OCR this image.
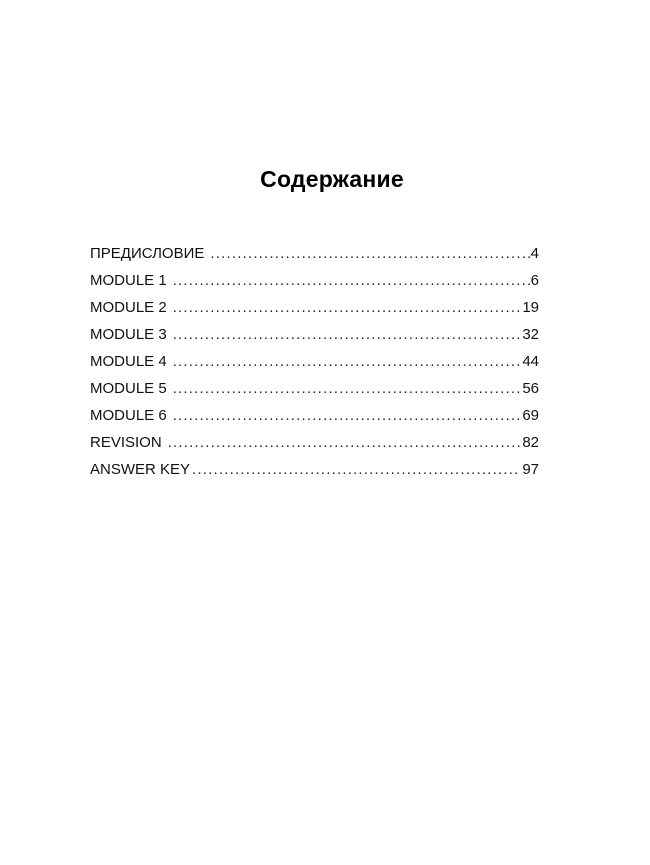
Содержание
ПРЕДИСЛОВИЕ .....	4
MODULE 1 .....	6
MODULE 2 .....	19
MODULE 3 .....	32
MODULE 4 .....	44
MODULE 5 .....	56
MODULE 6 .....	69
REVISION .....	82
ANSWER KEY .....	97
